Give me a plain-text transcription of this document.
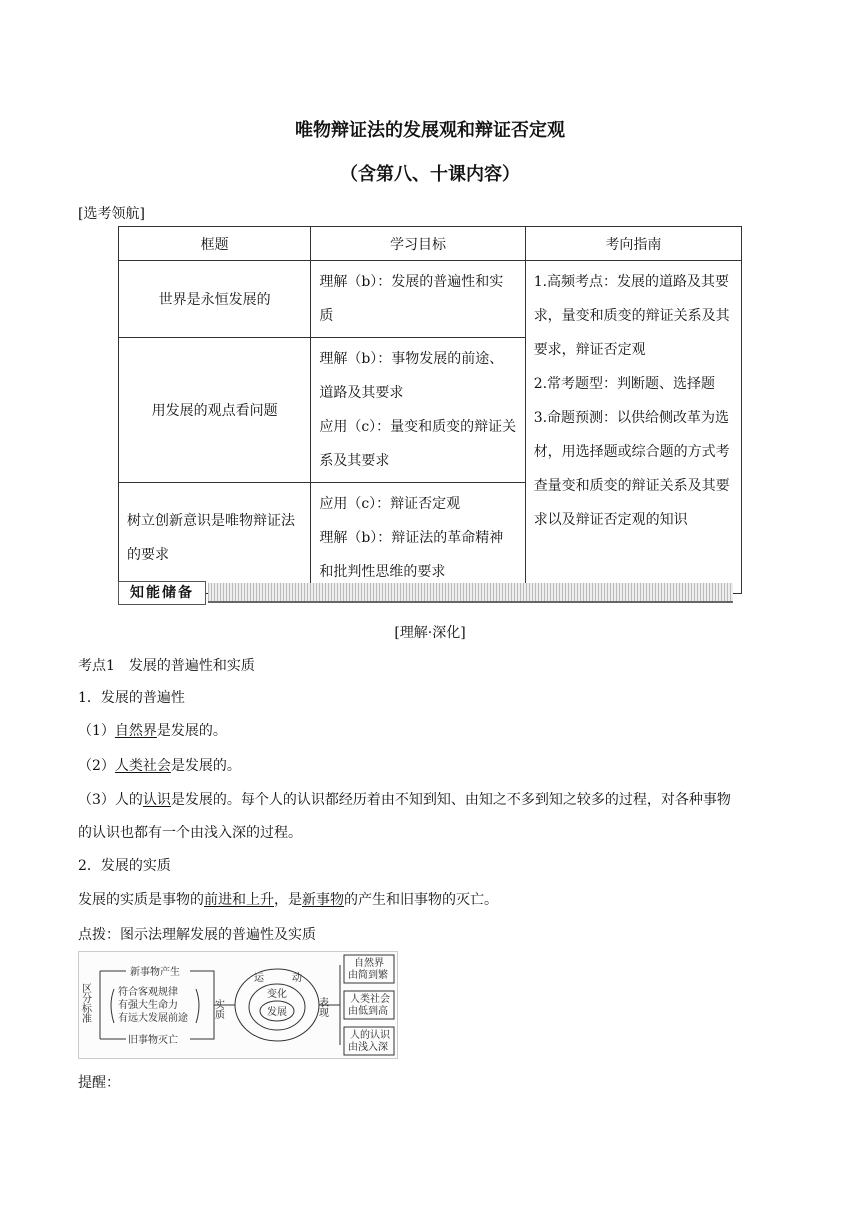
唯物辩证法的发展观和辩证否定观
（含第八、十课内容）
[选考领航]
框题	学习目标	考向指南
世界是永恒发展的	理解（b）：发展的普遍性和实质	1.高频考点：发展的道路及其要求，量变和质变的辩证关系及其要求，辩证否定观
2.常考题型：判断题、选择题
3.命题预测：以供给侧改革为选材，用选择题或综合题的方式考查量变和质变的辩证关系及其要求以及辩证否定观的知识

用发展的观点看问题	理解（b）：事物发展的前途、道路及其要求
应用（c）：量变和质变的辩证关系及其要求	

树立创新意识是唯物辩证法的要求	应用（c）：辩证否定观
理解（b）：辩证法的革命精神和批判性思维的要求	
知能储备
[理解·深化]
考点1　发展的普遍性和实质
1．发展的普遍性
（1）自然界是发展的。
（2）人类社会是发展的。
（3）人的认识是发展的。每个人的认识都经历着由不知到知、由知之不多到知之较多的过程，对各种事物
的认识也都有一个由浅入深的过程。
2．发展的实质
发展的实质是事物的前进和上升，是新事物的产生和旧事物的灭亡。
点拨：图示法理解发展的普遍性及实质
区分标准
新事物产生
旧事物灭亡
符合客观规律
有强大生命力
有远大发展前途 实质
运	动
变化
发展	表现
自然界
由简到繁
人类社会
由低到高
人的认识
由浅入深
提醒：
